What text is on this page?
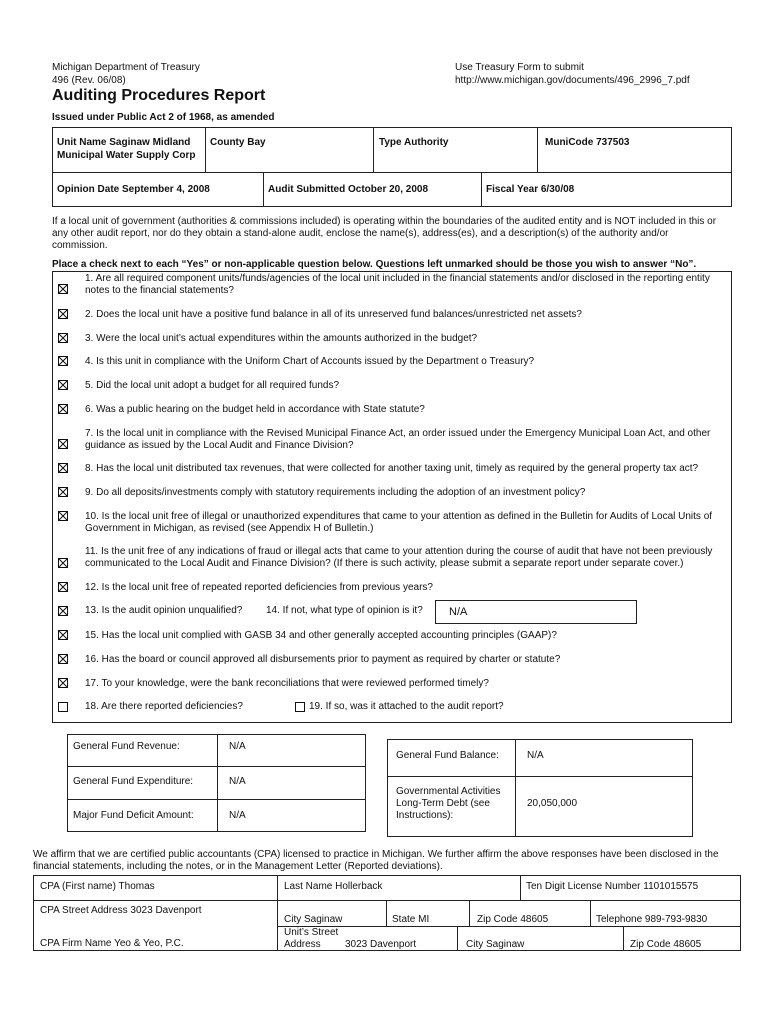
Michigan Department of Treasury
496 (Rev. 06/08)
Auditing Procedures Report
Use Treasury Form to submit
http://www.michigan.gov/documents/496_2996_7.pdf
Issued under Public Act 2 of 1968, as amended
Unit Name Saginaw Midland
Municipal Water Supply Corp
County Bay	Type Authority	MuniCode 737503
Opinion Date September 4, 2008	Audit Submitted October 20, 2008	Fiscal Year 6/30/08
If a local unit of government (authorities & commissions included) is operating within the boundaries of the audited entity and is NOT included in this or
any other audit report, nor do they obtain a stand-alone audit, enclose the name(s), address(es), and a description(s) of the authority and/or
commission.
Place a check next to each “Yes” or non-applicable question below. Questions left unmarked should be those you wish to answer “No”.
1. Are all required component units/funds/agencies of the local unit included in the financial statements and/or disclosed in the reporting entity
notes to the financial statements?
2. Does the local unit have a positive fund balance in all of its unreserved fund balances/unrestricted net assets?
3. Were the local unit’s actual expenditures within the amounts authorized in the budget?
4. Is this unit in compliance with the Uniform Chart of Accounts issued by the Department o Treasury?
5. Did the local unit adopt a budget for all required funds?
6. Was a public hearing on the budget held in accordance with State statute?
7. Is the local unit in compliance with the Revised Municipal Finance Act, an order issued under the Emergency Municipal Loan Act, and other
guidance as issued by the Local Audit and Finance Division?
8. Has the local unit distributed tax revenues, that were collected for another taxing unit, timely as required by the general property tax act?
9. Do all deposits/investments comply with statutory requirements including the adoption of an investment policy?
10. Is the local unit free of illegal or unauthorized expenditures that came to your attention as defined in the Bulletin for Audits of Local Units of
Government in Michigan, as revised (see Appendix H of Bulletin.)
11. Is the unit free of any indications of fraud or illegal acts that came to your attention during the course of audit that have not been previously
communicated to the Local Audit and Finance Division? (If there is such activity, please submit a separate report under separate cover.)
12. Is the local unit free of repeated reported deficiencies from previous years?
13. Is the audit opinion unqualified? 14. If not, what type of opinion is it? N/A
15. Has the local unit complied with GASB 34 and other generally accepted accounting principles (GAAP)?
16. Has the board or council approved all disbursements prior to payment as required by charter or statute?
17. To your knowledge, were the bank reconciliations that were reviewed performed timely?
18. Are there reported deficiencies?	19. If so, was it attached to the audit report?
General Fund Revenue:	N/A
General Fund Expenditure:	N/A
Major Fund Deficit Amount:	N/A
General Fund Balance:	N/A
Governmental Activities
Long-Term Debt (see
Instructions):
20,050,000
We affirm that we are certified public accountants (CPA) licensed to practice in Michigan. We further affirm the above responses have been disclosed in the
financial statements, including the notes, or in the Management Letter (Reported deviations).
CPA (First name) Thomas	Last Name Hollerback	Ten Digit License Number 1101015575
CPA Street Address 3023 Davenport
City Saginaw	State MI	Zip Code 48605	Telephone 989-793-9830
CPA Firm Name Yeo & Yeo, P.C.
Unit’s Street
Address 3023 Davenport	City Saginaw	Zip Code 48605
